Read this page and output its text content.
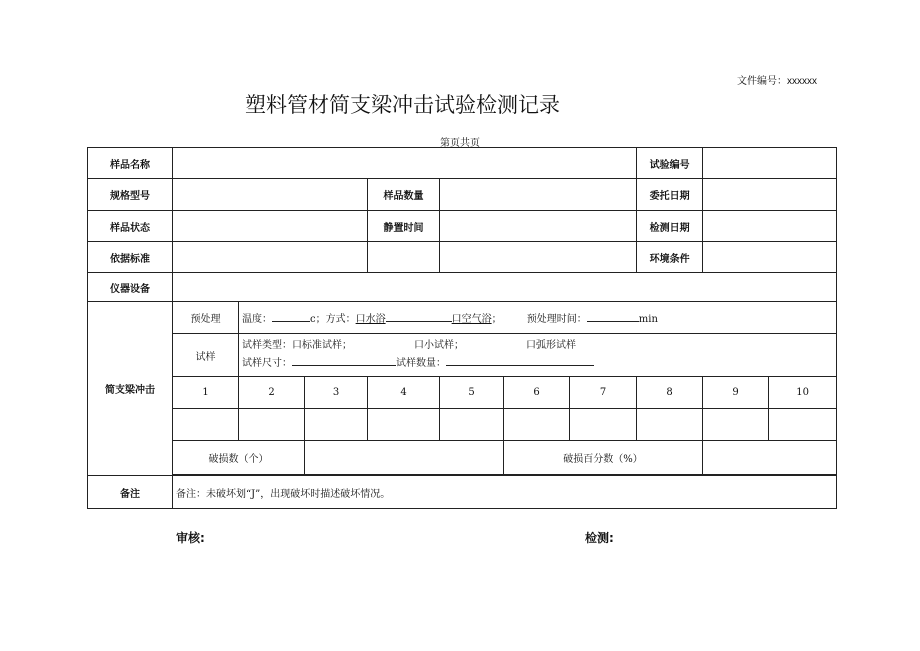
文件编号：xxxxxx
塑料管材简支梁冲击试验检测记录
第页共页
样品名称								试验编号		
规格型号				样品数量				委托日期		
样品状态				静置时间				检测日期		
依据标准								环境条件		
仪器设备										
简支梁冲击	预处理	温度： c；方式：口水浴 口空气浴； 预处理时间： min								
	试样	试样类型：口标准试样； 口小试样； 口弧形试样
试样尺寸： 试样数量：								

	1	2	3	4	5	6	7	8	9	10

	破损数（个）					破损百分数（%）				

备注	备注：未破坏划“J”，出现破坏时描述破坏情况。									
审核:	检测:
